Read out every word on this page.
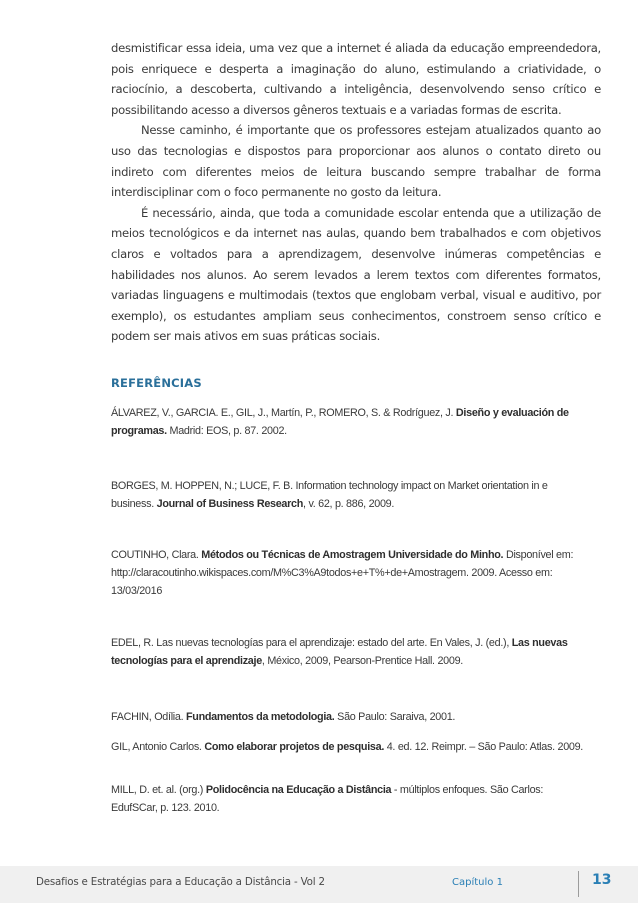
desmistificar essa ideia, uma vez que a internet é aliada da educação empreendedora, pois enriquece e desperta a imaginação do aluno, estimulando a criatividade, o raciocínio, a descoberta, cultivando a inteligência, desenvolvendo senso crítico e possibilitando acesso a diversos gêneros textuais e a variadas formas de escrita.

Nesse caminho, é importante que os professores estejam atualizados quanto ao uso das tecnologias e dispostos para proporcionar aos alunos o contato direto ou indireto com diferentes meios de leitura buscando sempre trabalhar de forma interdisciplinar com o foco permanente no gosto da leitura.

É necessário, ainda, que toda a comunidade escolar entenda que a utilização de meios tecnológicos e da internet nas aulas, quando bem trabalhados e com objetivos claros e voltados para a aprendizagem, desenvolve inúmeras competências e habilidades nos alunos. Ao serem levados a lerem textos com diferentes formatos, variadas linguagens e multimodais (textos que englobam verbal, visual e auditivo, por exemplo), os estudantes ampliam seus conhecimentos, constroem senso crítico e podem ser mais ativos em suas práticas sociais.

REFERÊNCIAS

ÁLVAREZ, V., GARCIA. E., GIL, J., Martín, P., ROMERO, S. & Rodríguez, J. Diseño y evaluación de programas. Madrid: EOS, p. 87. 2002.

BORGES, M. HOPPEN, N.; LUCE, F. B. Information technology impact on Market orientation in e business. Journal of Business Research, v. 62, p. 886, 2009.

COUTINHO, Clara. Métodos ou Técnicas de Amostragem Universidade do Minho. Disponível em: http://claracoutinho.wikispaces.com/M%C3%A9todos+e+T%+de+Amostragem. 2009. Acesso em: 13/03/2016

EDEL, R. Las nuevas tecnologías para el aprendizaje: estado del arte. En Vales, J. (ed.), Las nuevas tecnologías para el aprendizaje, México, 2009, Pearson-Prentice Hall. 2009.

FACHIN, Odília. Fundamentos da metodologia. São Paulo: Saraiva, 2001.

GIL, Antonio Carlos. Como elaborar projetos de pesquisa. 4. ed. 12. Reimpr. – São Paulo: Atlas. 2009.

MILL, D. et. al. (org.) Polidocência na Educação a Distância - múltiplos enfoques. São Carlos: EdufSCar, p. 123. 2010.

Desafios e Estratégias para a Educação a Distância - Vol 2	Capítulo 1	13
